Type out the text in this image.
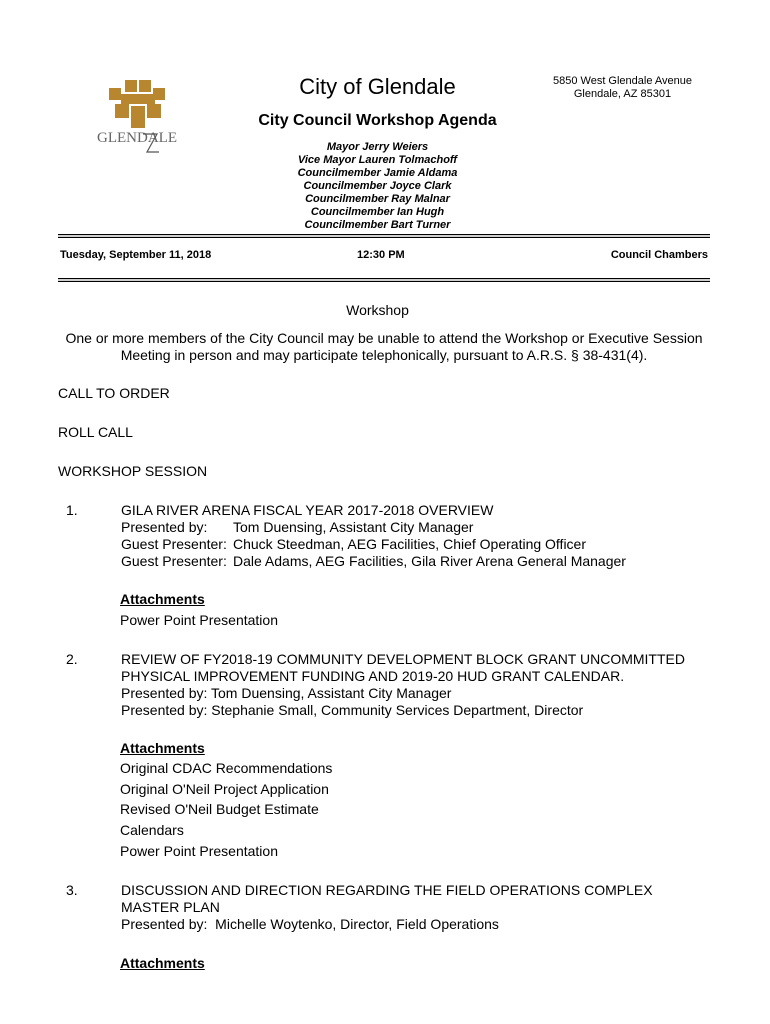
GLENDALE
City of Glendale	5850 West Glendale Avenue
Glendale, AZ 85301
City Council Workshop Agenda
Mayor Jerry Weiers
Vice Mayor Lauren Tolmachoff
Councilmember Jamie Aldama
Councilmember Joyce Clark
Councilmember Ray Malnar
Councilmember Ian Hugh
Councilmember Bart Turner
Tuesday, September 11, 2018	12:30 PM	Council Chambers
Workshop
One or more members of the City Council may be unable to attend the Workshop or Executive Session
Meeting in person and may participate telephonically, pursuant to A.R.S. § 38-431(4).
CALL TO ORDER
ROLL CALL
WORKSHOP SESSION
1.	GILA RIVER ARENA FISCAL YEAR 2017-2018 OVERVIEW
Presented by:	Tom Duensing, Assistant City Manager
Guest Presenter: Chuck Steedman, AEG Facilities, Chief Operating Officer
Guest Presenter: Dale Adams, AEG Facilities, Gila River Arena General Manager
Attachments
Power Point Presentation
2.	REVIEW OF FY2018-19 COMMUNITY DEVELOPMENT BLOCK GRANT UNCOMMITTED
PHYSICAL IMPROVEMENT FUNDING AND 2019-20 HUD GRANT CALENDAR.
Presented by: Tom Duensing, Assistant City Manager
Presented by: Stephanie Small, Community Services Department, Director
Attachments
Original CDAC Recommendations
Original O'Neil Project Application
Revised O'Neil Budget Estimate
Calendars
Power Point Presentation
3.	DISCUSSION AND DIRECTION REGARDING THE FIELD OPERATIONS COMPLEX
MASTER PLAN
Presented by:  Michelle Woytenko, Director, Field Operations
Attachments
